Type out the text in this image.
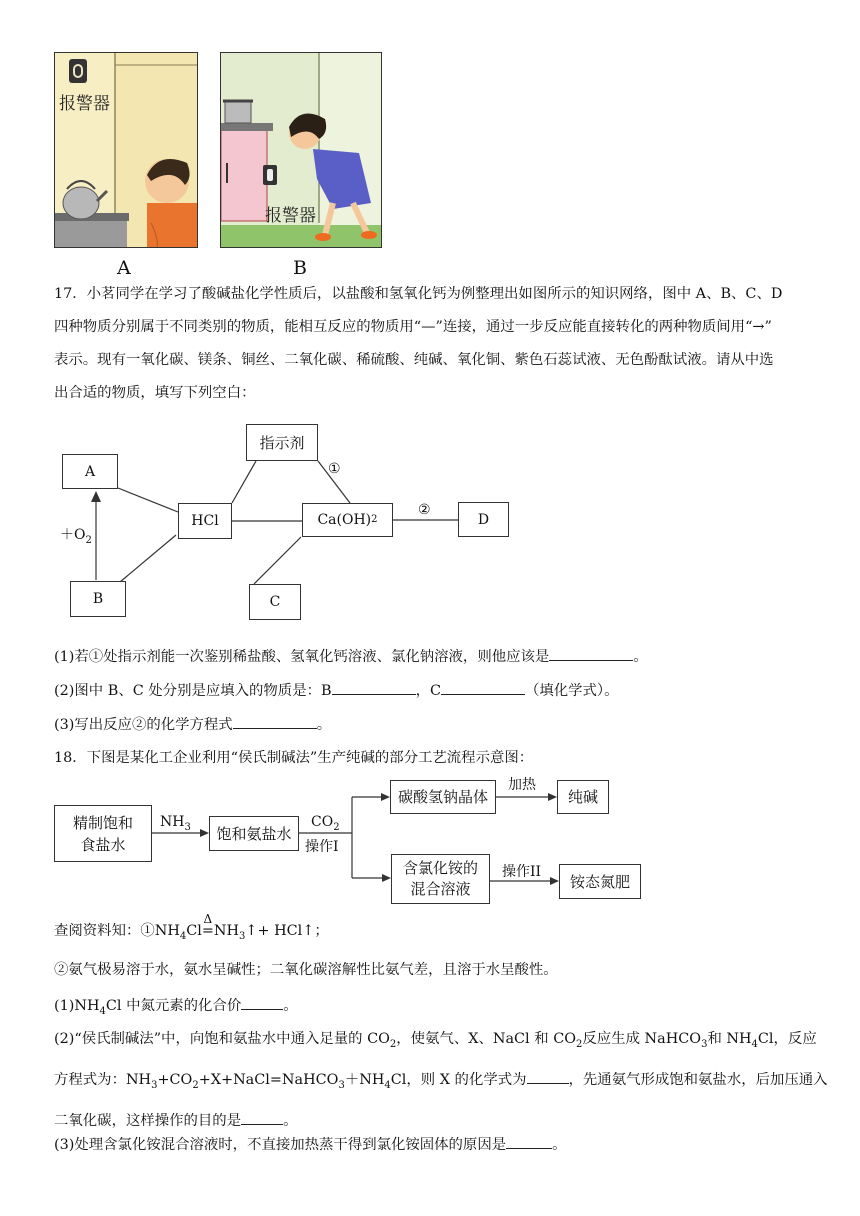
报警器
报警器
A	B
17．小茗同学在学习了酸碱盐化学性质后，以盐酸和氢氧化钙为例整理出如图所示的知识网络，图中 A、B、C、D
四种物质分别属于不同类别的物质，能相互反应的物质用“—”连接，通过一步反应能直接转化的两种物质间用“→”
表示。现有一氧化碳、镁条、铜丝、二氧化碳、稀硫酸、纯碱、氧化铜、紫色石蕊试液、无色酚酞试液。请从中选
出合适的物质，填写下列空白：
指示剂
A
HCl	Ca(OH) 2	D
B	C
$+O_2$
①
②
(1)若①处指示剂能一次鉴别稀盐酸、氢氧化钙溶液、氯化钠溶液，则他应该是	。
(2)图中 B、C 处分别是应填入的物质是：B	，C	（填化学式）。
(3)写出反应②的化学方程式	。
18．下图是某化工企业利用“侯氏制碱法”生产纯碱的部分工艺流程示意图：
精制饱和
食盐水
饱和氨盐水
碳酸氢钠晶体	纯碱
含氯化铵的
混合溶液	铵态氮肥
$NH_3$	$CO_2$
操作I
加热
操作II
查阅资料知：$①NH_4Cl$
Δ
$=NH_3↑+$ HCl↑；
②氨气极易溶于水，氨水呈碱性；二氧化碳溶解性比氨气差，且溶于水呈酸性。
$(1)NH_4Cl$ 中氮元素的化合价	。
(2)“侯氏制碱法”中，向饱和氨盐水中通入足量的 $CO_2$，使氨气、X、NaCl 和 $CO_2$反应生成 NaHCO$_3$和 $NH_4Cl$，反应
方程式为：$NH_3+CO_2+X+NaCl=NaHCO_3+NH_4Cl$，则 X 的化学式为	，先通氨气形成饱和氨盐水，后加压通入
二氧化碳，这样操作的目的是	。
(3)处理含氯化铵混合溶液时，不直接加热蒸干得到氯化铵固体的原因是	。
